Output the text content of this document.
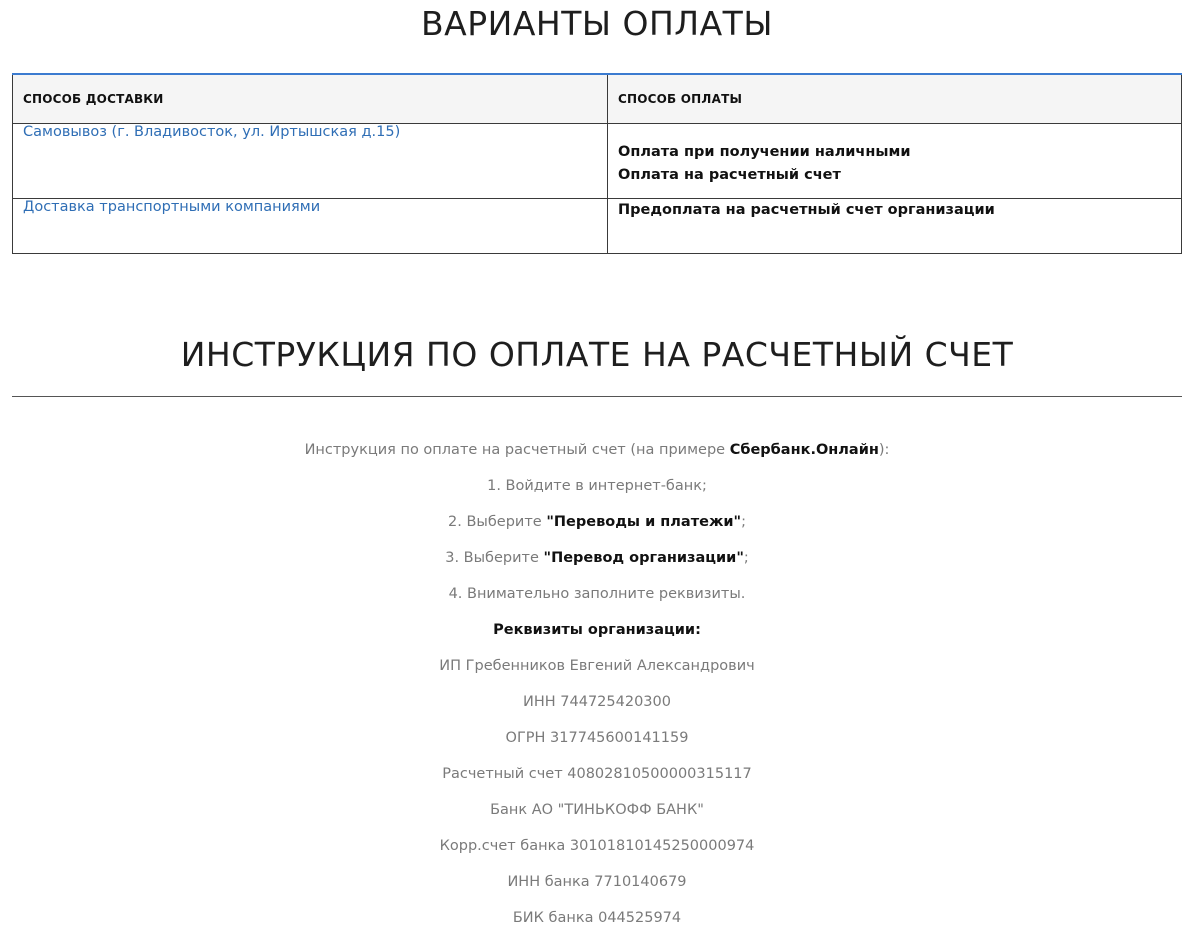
ВАРИАНТЫ ОПЛАТЫ
СПОСОБ ДОСТАВКИ	СПОСОБ ОПЛАТЫ
Самовывоз (г. Владивосток, ул. Иртышская д.15)	Оплата при получении наличными
Оплата на расчетный счет

Доставка транспортными компаниями	Предоплата на расчетный счет организации
ИНСТРУКЦИЯ ПО ОПЛАТЕ НА РАСЧЕТНЫЙ СЧЕТ

Инструкция по оплате на расчетный счет (на примере Сбербанк.Онлайн):

1. Войдите в интернет-банк;

2. Выберите "Переводы и платежи";

3. Выберите "Перевод организации";

4. Внимательно заполните реквизиты.

Реквизиты организации:

ИП Гребенников Евгений Александрович

ИНН 744725420300

ОГРН 317745600141159

Расчетный счет 40802810500000315117

Банк АО "ТИНЬКОФФ БАНК"

Корр.счет банка 30101810145250000974

ИНН банка 7710140679

БИК банка 044525974
